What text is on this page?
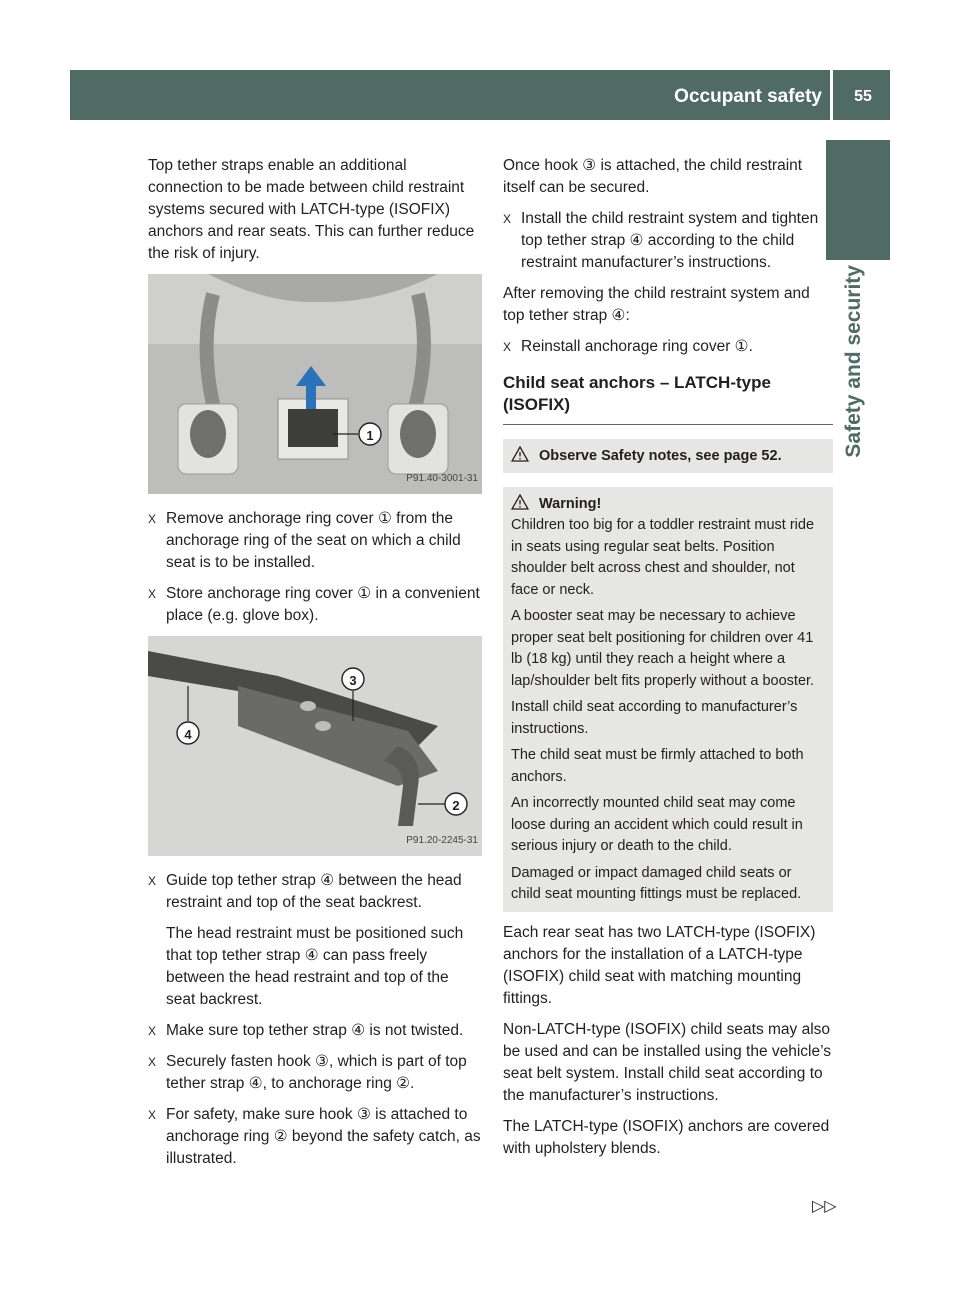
Occupant safety	55
Safety and security

Top tether straps enable an additional connection to be made between child restraint systems secured with LATCH-type (ISOFIX) anchors and rear seats. This can further reduce the risk of injury.

1
P91.40-3001-31
X Remove anchorage ring cover ① from the anchorage ring of the seat on which a child seat is to be installed.
X Store anchorage ring cover ① in a convenient place (e.g. glove box).
3
4
2
P91.20-2245-31
X Guide top tether strap ④ between the head restraint and top of the seat backrest.

The head restraint must be positioned such that top tether strap ④ can pass freely between the head restraint and top of the seat backrest.

X Make sure top tether strap ④ is not twisted.
X Securely fasten hook ③, which is part of top tether strap ④, to anchorage ring ②.
X For safety, make sure hook ③ is attached to anchorage ring ② beyond the safety catch, as illustrated.

Once hook ③ is attached, the child restraint itself can be secured.

X Install the child restraint system and tighten top tether strap ④ according to the child restraint manufacturer’s instructions.

After removing the child restraint system and top tether strap ④:

X Reinstall anchorage ring cover ①.
Child seat anchors – LATCH-type (ISOFIX)
Observe Safety notes, see page 52.
Warning!

Children too big for a toddler restraint must ride in seats using regular seat belts. Position shoulder belt across chest and shoulder, not face or neck.

A booster seat may be necessary to achieve proper seat belt positioning for children over 41 lb (18 kg) until they reach a height where a lap/shoulder belt fits properly without a booster.

Install child seat according to manufacturer’s instructions.

The child seat must be firmly attached to both anchors.

An incorrectly mounted child seat may come loose during an accident which could result in serious injury or death to the child.

Damaged or impact damaged child seats or child seat mounting fittings must be replaced.

Each rear seat has two LATCH-type (ISOFIX) anchors for the installation of a LATCH-type (ISOFIX) child seat with matching mounting fittings.

Non-LATCH-type (ISOFIX) child seats may also be used and can be installed using the vehicle’s seat belt system. Install child seat according to the manufacturer’s instructions.

The LATCH-type (ISOFIX) anchors are covered with upholstery blends.

▷▷
